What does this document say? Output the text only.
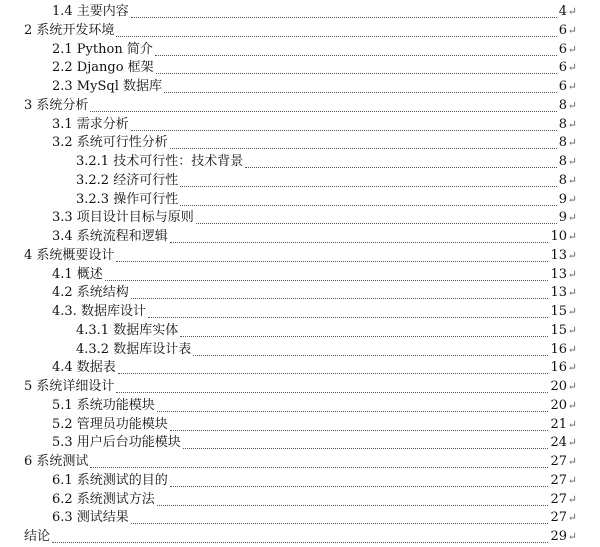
1.4 主要内容	4 ↵
2 系统开发环境	6 ↵
2.1 Python 简介	6 ↵
2.2 Django 框架	6 ↵
2.3 MySql 数据库	6 ↵
3 系统分析	8 ↵
3.1 需求分析	8 ↵
3.2 系统可行性分析	8 ↵
3.2.1 技术可行性：技术背景	8 ↵
3.2.2 经济可行性	8 ↵
3.2.3 操作可行性	9 ↵
3.3 项目设计目标与原则	9 ↵
3.4 系统流程和逻辑	10 ↵
4 系统概要设计	13 ↵
4.1 概述	13 ↵
4.2 系统结构	13 ↵
4.3. 数据库设计	15 ↵
4.3.1 数据库实体	15 ↵
4.3.2 数据库设计表	16 ↵
4.4 数据表	16 ↵
5 系统详细设计	20 ↵
5.1 系统功能模块	20 ↵
5.2 管理员功能模块	21 ↵
5.3 用户后台功能模块	24 ↵
6 系统测试	27 ↵
6.1 系统测试的目的	27 ↵
6.2 系统测试方法	27 ↵
6.3 测试结果	27 ↵
结论	29 ↵
